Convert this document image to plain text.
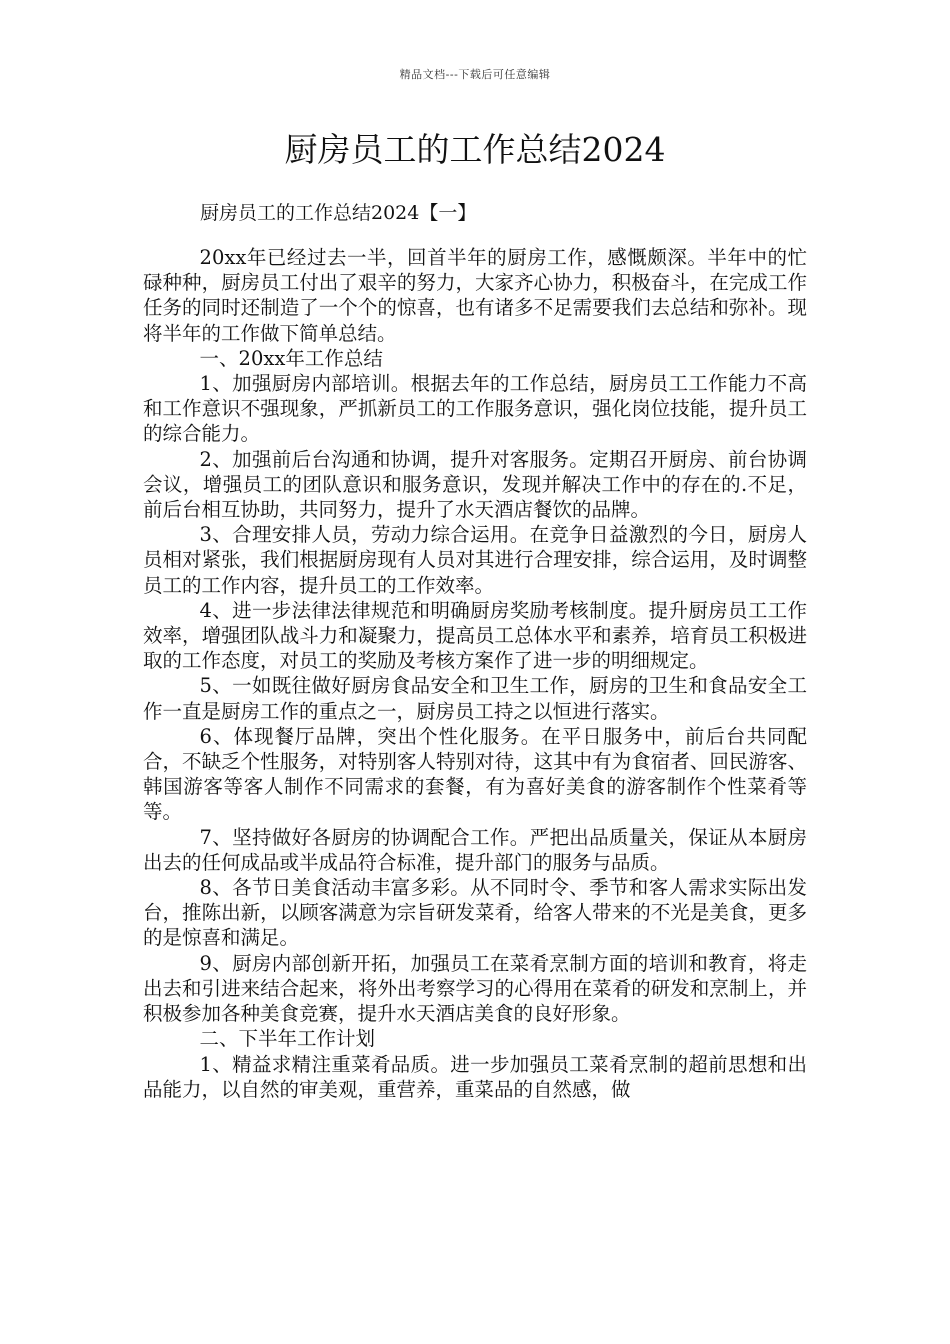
精品文档---下载后可任意编辑
厨房员工的工作总结2024
厨房员工的工作总结2024【一】

20xx年已经过去一半，回首半年的厨房工作，感慨颇深。半年中的忙碌种种，厨房员工付出了艰辛的努力，大家齐心协力，积极奋斗，在完成工作任务的同时还制造了一个个的惊喜，也有诸多不足需要我们去总结和弥补。现将半年的工作做下简单总结。

一、20xx年工作总结

1、加强厨房内部培训。根据去年的工作总结，厨房员工工作能力不高和工作意识不强现象，严抓新员工的工作服务意识，强化岗位技能，提升员工的综合能力。

2、加强前后台沟通和协调，提升对客服务。定期召开厨房、前台协调会议，增强员工的团队意识和服务意识，发现并解决工作中的存在的.不足，前后台相互协助，共同努力，提升了水天酒店餐饮的品牌。

3、合理安排人员，劳动力综合运用。在竞争日益激烈的今日，厨房人员相对紧张，我们根据厨房现有人员对其进行合理安排，综合运用，及时调整员工的工作内容，提升员工的工作效率。

4、进一步法律法律规范和明确厨房奖励考核制度。提升厨房员工工作效率，增强团队战斗力和凝聚力，提高员工总体水平和素养，培育员工积极进取的工作态度，对员工的奖励及考核方案作了进一步的明细规定。

5、一如既往做好厨房食品安全和卫生工作，厨房的卫生和食品安全工作一直是厨房工作的重点之一，厨房员工持之以恒进行落实。

6、体现餐厅品牌，突出个性化服务。在平日服务中，前后台共同配合，不缺乏个性服务，对特别客人特别对待，这其中有为食宿者、回民游客、韩国游客等客人制作不同需求的套餐，有为喜好美食的游客制作个性菜肴等等。

7、坚持做好各厨房的协调配合工作。严把出品质量关，保证从本厨房出去的任何成品或半成品符合标准，提升部门的服务与品质。

8、各节日美食活动丰富多彩。从不同时令、季节和客人需求实际出发台，推陈出新，以顾客满意为宗旨研发菜肴，给客人带来的不光是美食，更多的是惊喜和满足。

9、厨房内部创新开拓，加强员工在菜肴烹制方面的培训和教育，将走出去和引进来结合起来，将外出考察学习的心得用在菜肴的研发和烹制上，并积极参加各种美食竞赛，提升水天酒店美食的良好形象。

二、下半年工作计划

1、精益求精注重菜肴品质。进一步加强员工菜肴烹制的超前思想和出品能力，以自然的审美观，重营养，重菜品的自然感，做
